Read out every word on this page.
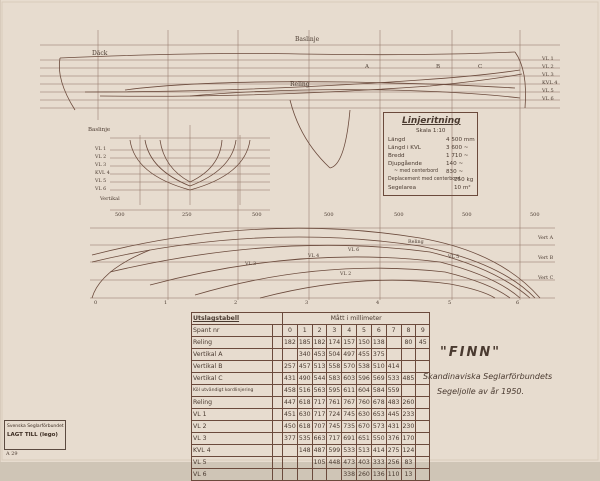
Baslinje
Däck
Reling
A	B	C
VL 1
VL 2
VL 3
KVL 4
VL 5
VL 6
Baslinje
VL 1
VL 2
VL 3
KVL 4
VL 5
VL 6
Vertikal
500	250	500	500	500	500	500
Reling
VL 6
VL 5
VL 4
VL 3
VL 2
Vert A
Vert B
Vert C
0	1	2	3	4	5	6
Linjeritning
Skala 1:10
Längd	4 500 mm
Längd i KVL	3 600 ~
Bredd	1 710 ~
Djupgående	140 ~
~ med centerbord 830 ~
Deplacement med centerbord
250 kg
Segelarea	10 m²
Utslagstabell		Mått i millimeter									
Spant nr		0	1	2	3	4	5	6	7	8	9
Reling		182	185	182	174	157	150	138		80	45
Vertikal A			340	453	504	497	455	375			
Vertikal B		257	457	513	558	570	538	510	414		
Vertikal C		431	490	544	583	603	596	569	533	485	
Köl utvändigt kordlinjering		458	516	563	595	611	604	584	559		
Reling		447	618	717	761	767	760	678	483	260	
VL 1		451	630	717	724	745	630	653	445	233	
VL 2		450	618	707	745	735	670	573	431	230	
VL 3		377	535	663	717	691	651	550	376	170	
KVL 4			148	487	599	533	513	414	275	124	
VL 5				105	448	473	403	333	256	83	
VL 6						338	260	136	110	13	
"FINN"
Skandinaviska Seglarförbundets
Segeljolle av år 1950.
Svenska Seglarförbundet
LAGT TILL (lego)
A 29
